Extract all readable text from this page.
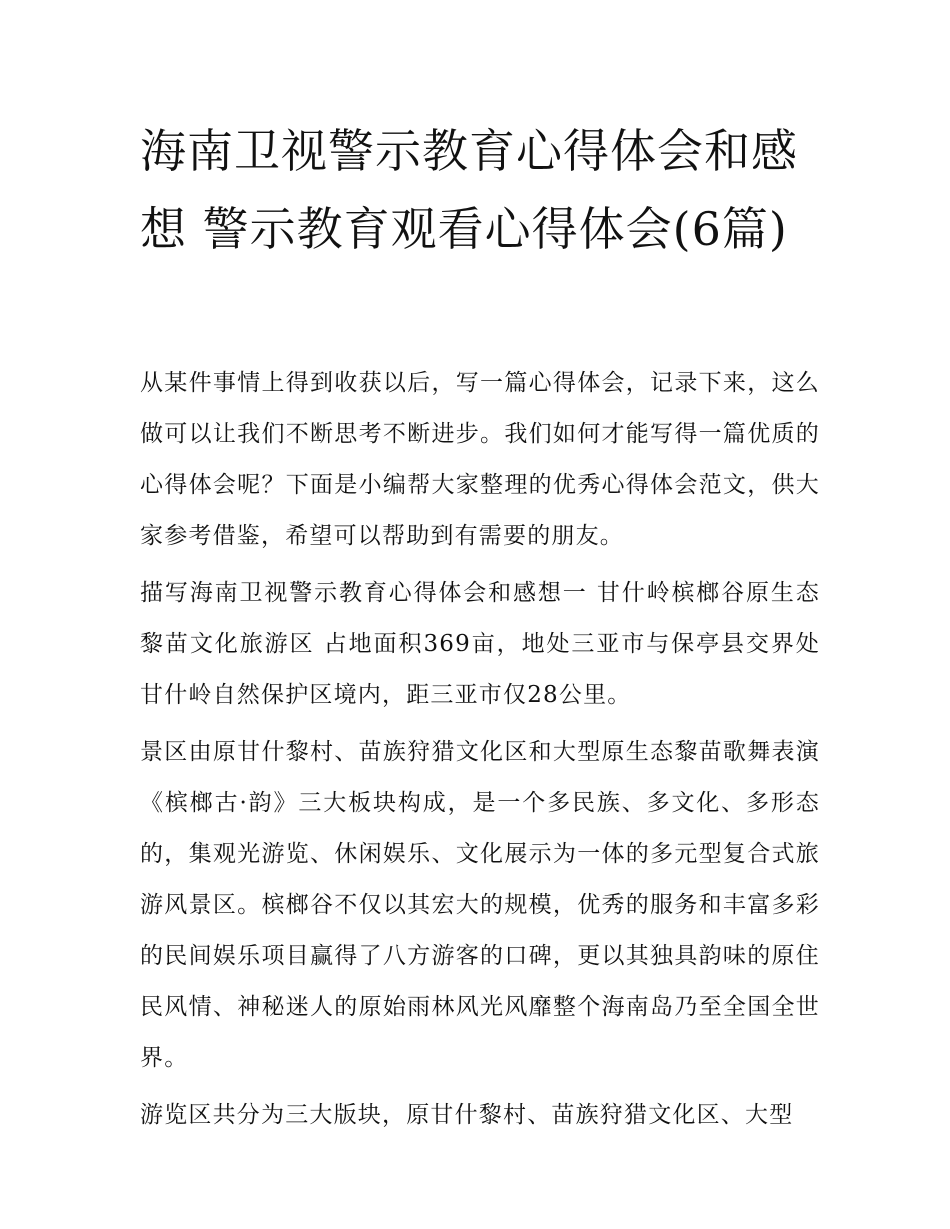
海南卫视警示教育心得体会和感想 警示教育观看心得体会(6篇)

从某件事情上得到收获以后，写一篇心得体会，记录下来，这么做可以让我们不断思考不断进步。我们如何才能写得一篇优质的心得体会呢？下面是小编帮大家整理的优秀心得体会范文，供大家参考借鉴，希望可以帮助到有需要的朋友。

描写海南卫视警示教育心得体会和感想一 甘什岭槟榔谷原生态黎苗文化旅游区 占地面积369亩，地处三亚市与保亭县交界处甘什岭自然保护区境内，距三亚市仅28公里。

景区由原甘什黎村、苗族狩猎文化区和大型原生态黎苗歌舞表演《槟榔古·韵》三大板块构成，是一个多民族、多文化、多形态的，集观光游览、休闲娱乐、文化展示为一体的多元型复合式旅游风景区。槟榔谷不仅以其宏大的规模，优秀的服务和丰富多彩的民间娱乐项目赢得了八方游客的口碑，更以其独具韵味的原住民风情、神秘迷人的原始雨林风光风靡整个海南岛乃至全国全世界。

游览区共分为三大版块，原甘什黎村、苗族狩猎文化区、大型
